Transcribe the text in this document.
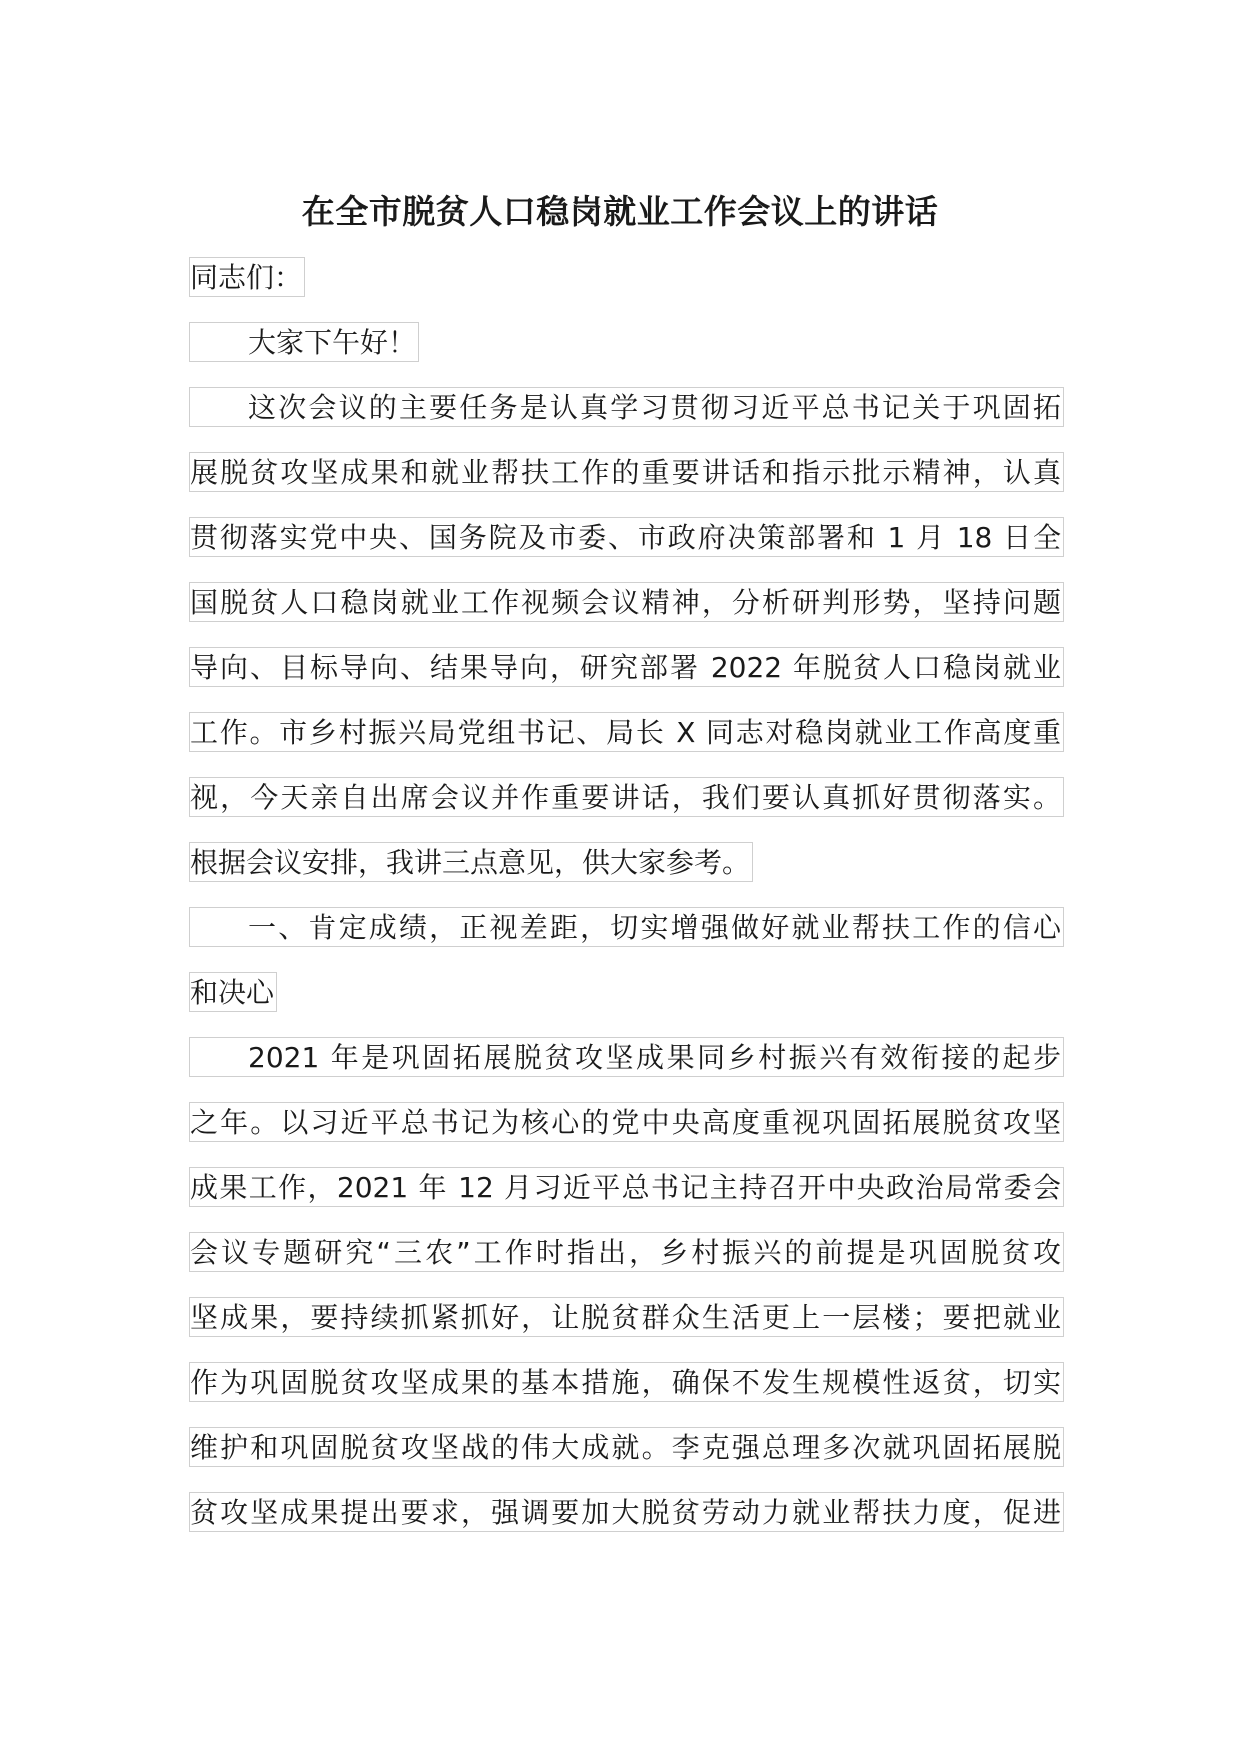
在全市脱贫人口稳岗就业工作会议上的讲话
同志们：
大家下午好！
这次会议的主要任务是认真学习贯彻习近平总书记关于巩固拓
展脱贫攻坚成果和就业帮扶工作的重要讲话和指示批示精神，认真
贯彻落实党中央、国务院及市委、市政府决策部署和 1 月 18 日全
国脱贫人口稳岗就业工作视频会议精神，分析研判形势，坚持问题
导向、目标导向、结果导向，研究部署 2022 年脱贫人口稳岗就业
工作。市乡村振兴局党组书记、局长 X 同志对稳岗就业工作高度重
视，今天亲自出席会议并作重要讲话，我们要认真抓好贯彻落实。
根据会议安排，我讲三点意见，供大家参考。
一、肯定成绩，正视差距，切实增强做好就业帮扶工作的信心
和决心
2021 年是巩固拓展脱贫攻坚成果同乡村振兴有效衔接的起步
之年。以习近平总书记为核心的党中央高度重视巩固拓展脱贫攻坚
成果工作，2021 年 12 月习近平总书记主持召开中央政治局常委会
会议专题研究“三农”工作时指出，乡村振兴的前提是巩固脱贫攻
坚成果，要持续抓紧抓好，让脱贫群众生活更上一层楼；要把就业
作为巩固脱贫攻坚成果的基本措施，确保不发生规模性返贫，切实
维护和巩固脱贫攻坚战的伟大成就。李克强总理多次就巩固拓展脱
贫攻坚成果提出要求，强调要加大脱贫劳动力就业帮扶力度，促进
